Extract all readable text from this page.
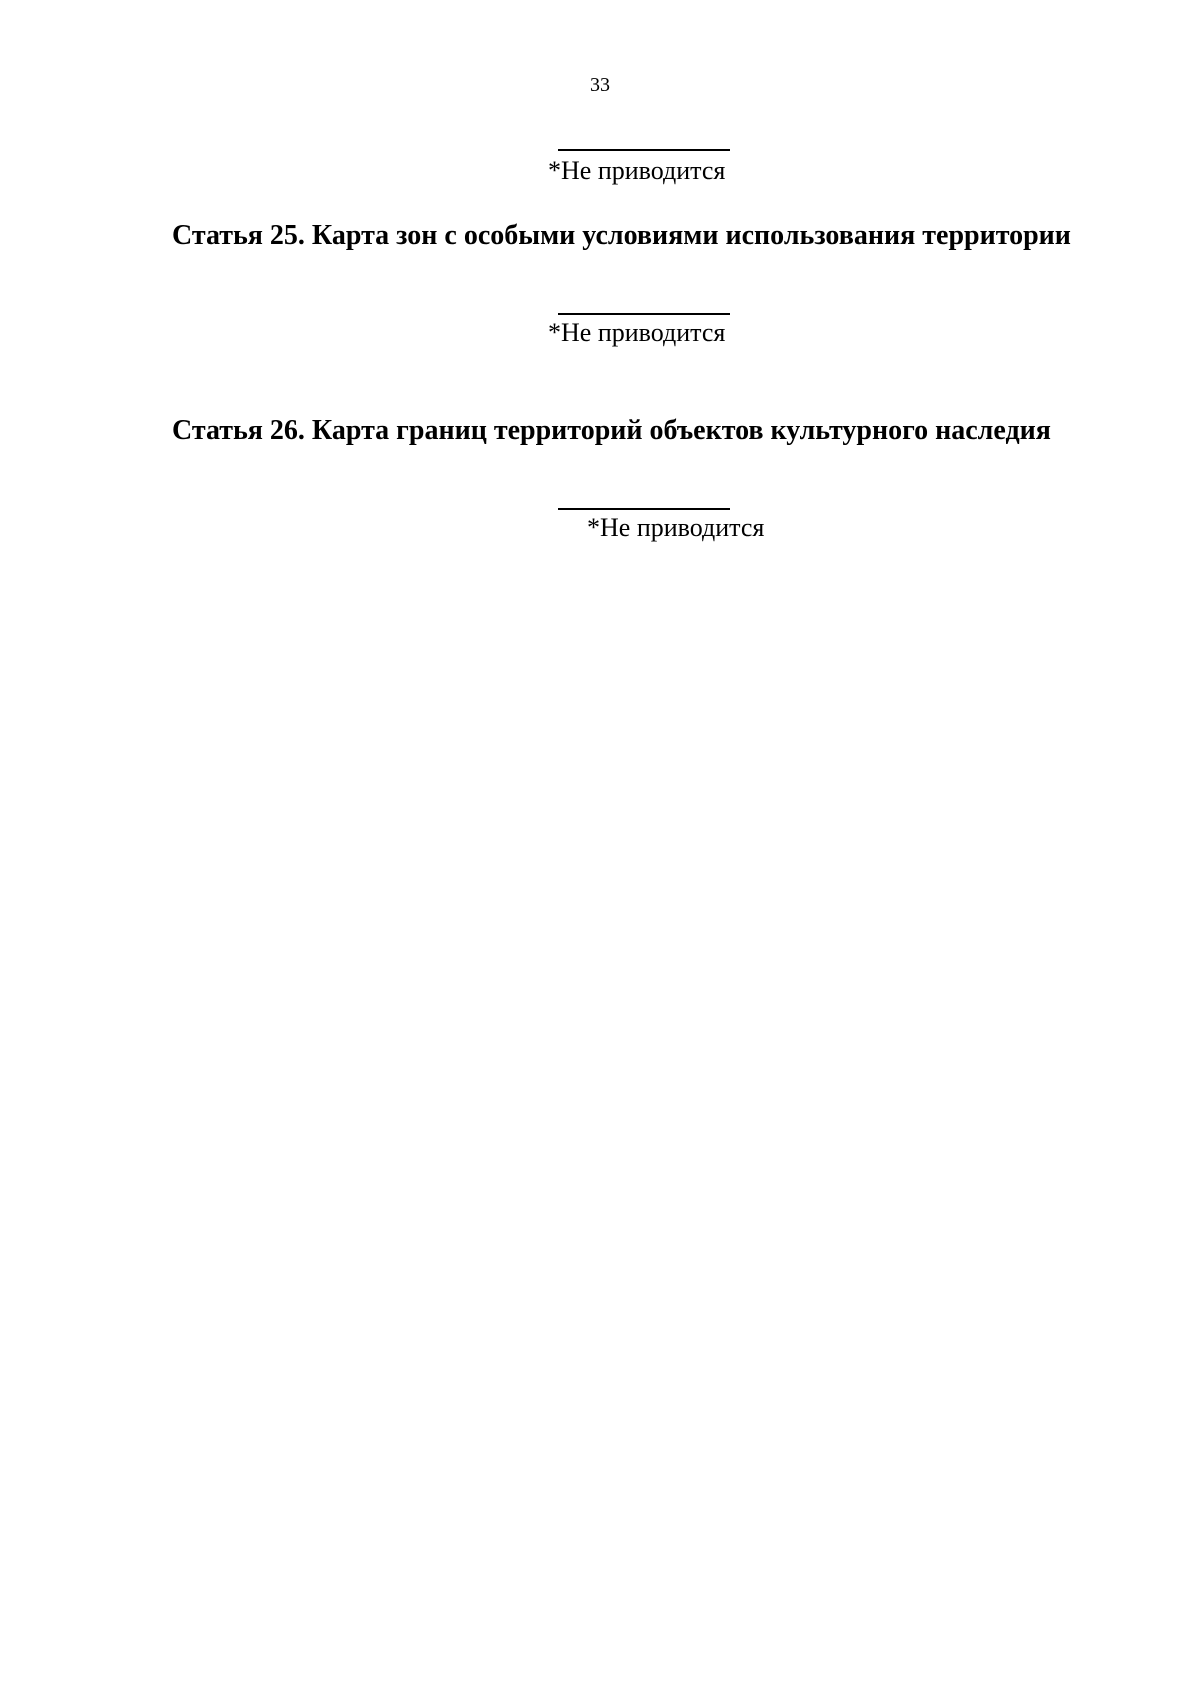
33
*Не приводится
Статья 25. Карта зон с особыми условиями использования территории
*Не приводится
Статья 26. Карта границ территорий объектов культурного наследия
*Не приводится
